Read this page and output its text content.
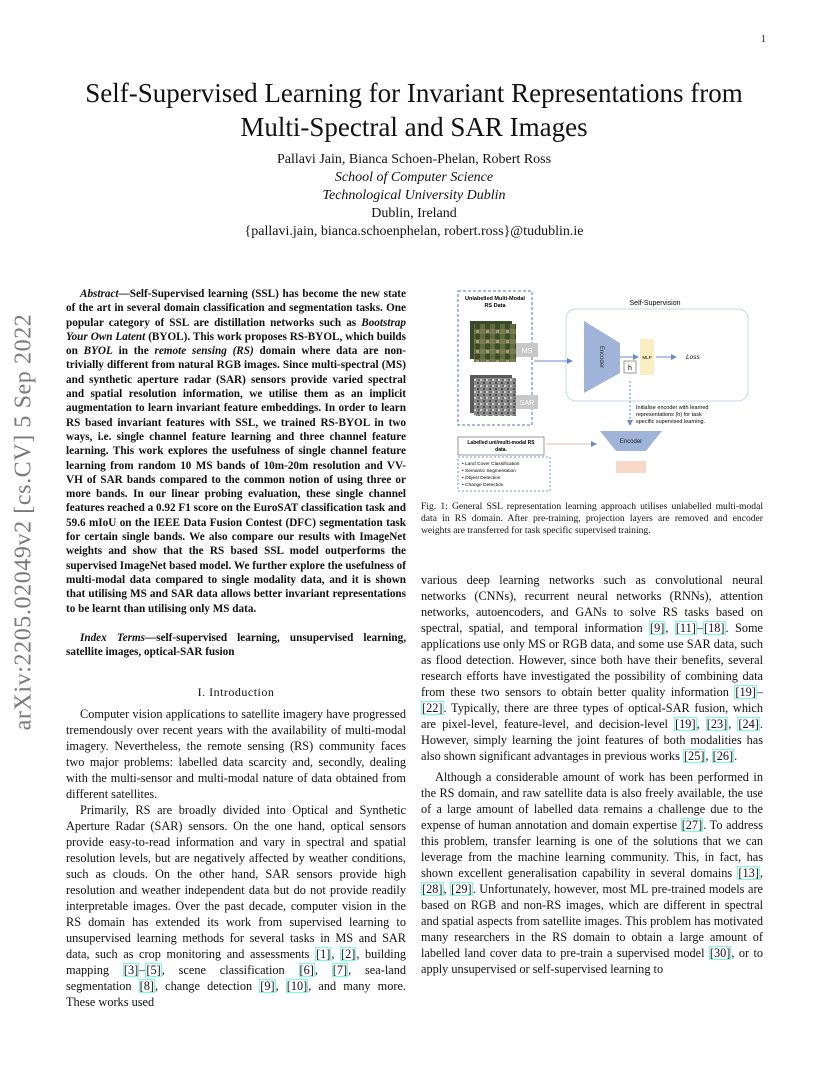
1
arXiv:2205.02049v2 [cs.CV] 5 Sep 2022
Self-Supervised Learning for Invariant Representations from
Multi-Spectral and SAR Images
Pallavi Jain, Bianca Schoen-Phelan, Robert Ross
School of Computer Science
Technological University Dublin
Dublin, Ireland
{pallavi.jain, bianca.schoenphelan, robert.ross}@tudublin.ie
Abstract—Self-Supervised learning (SSL) has become the new state of the art in several domain classification and segmentation tasks. One popular category of SSL are distillation networks such as Bootstrap Your Own Latent (BYOL). This work proposes RS-BYOL, which builds on BYOL in the remote sensing (RS) domain where data are non-trivially different from natural RGB images. Since multi-spectral (MS) and synthetic aperture radar (SAR) sensors provide varied spectral and spatial resolution information, we utilise them as an implicit augmentation to learn invariant feature embeddings. In order to learn RS based invariant features with SSL, we trained RS-BYOL in two ways, i.e. single channel feature learning and three channel feature learning. This work explores the usefulness of single channel feature learning from random 10 MS bands of 10m-20m resolution and VV-VH of SAR bands compared to the common notion of using three or more bands. In our linear probing evaluation, these single channel features reached a 0.92 F1 score on the EuroSAT classification task and 59.6 mIoU on the IEEE Data Fusion Contest (DFC) segmentation task for certain single bands. We also compare our results with ImageNet weights and show that the RS based SSL model outperforms the supervised ImageNet based model. We further explore the usefulness of multi-modal data compared to single modality data, and it is shown that utilising MS and SAR data allows better invariant representations to be learnt than utilising only MS data.
Index Terms—self-supervised learning, unsupervised learning, satellite images, optical-SAR fusion
I. Introduction

Computer vision applications to satellite imagery have progressed tremendously over recent years with the availability of multi-modal imagery. Nevertheless, the remote sensing (RS) community faces two major problems: labelled data scarcity and, secondly, dealing with the multi-sensor and multi-modal nature of data obtained from different satellites.

Primarily, RS are broadly divided into Optical and Synthetic Aperture Radar (SAR) sensors. On the one hand, optical sensors provide easy-to-read information and vary in spectral and spatial resolution levels, but are negatively affected by weather conditions, such as clouds. On the other hand, SAR sensors provide high resolution and weather independent data but do not provide readily interpretable images. Over the past decade, computer vision in the RS domain has extended its work from supervised learning to unsupervised learning methods for several tasks in MS and SAR data, such as crop monitoring and assessments [1], [2], building mapping [3]–[5], scene classification [6], [7], sea-land segmentation [8], change detection [9], [10], and many more. These works used

various deep learning networks such as convolutional neural networks (CNNs), recurrent neural networks (RNNs), attention networks, autoencoders, and GANs to solve RS tasks based on spectral, spatial, and temporal information [9], [11]–[18]. Some applications use only MS or RGB data, and some use SAR data, such as flood detection. However, since both have their benefits, several research efforts have investigated the possibility of combining data from these two sensors to obtain better quality information [19]–[22]. Typically, there are three types of optical-SAR fusion, which are pixel-level, feature-level, and decision-level [19], [23], [24]. However, simply learning the joint features of both modalities has also shown significant advantages in previous works [25], [26].

Although a considerable amount of work has been performed in the RS domain, and raw satellite data is also freely available, the use of a large amount of labelled data remains a challenge due to the expense of human annotation and domain expertise [27]. To address this problem, transfer learning is one of the solutions that we can leverage from the machine learning community. This, in fact, has shown excellent generalisation capability in several domains [13], [28], [29]. Unfortunately, however, most ML pre-trained models are based on RGB and non-RS images, which are different in spectral and spatial aspects from satellite images. This problem has motivated many researchers in the RS domain to obtain a large amount of labelled land cover data to pre-train a supervised model [30], or to apply unsupervised or self-supervised learning to

Unlabelled Multi-Modal
RS Data
MS
SAR
Self-Supervision
Encoder
h
MLP	Loss
Initialise encoder with learned
representations (h) for task
specific supervised learning.
Labelled uni/multi-modal RS
data.
Encoder
• Land Cover Classification
• Semantic Segmentation
• Object Detection
• Change Detection
Fig. 1: General SSL representation learning approach utilises unlabelled multi-modal data in RS domain. After pre-training, projection layers are removed and encoder weights are transferred for task specific supervised training.
